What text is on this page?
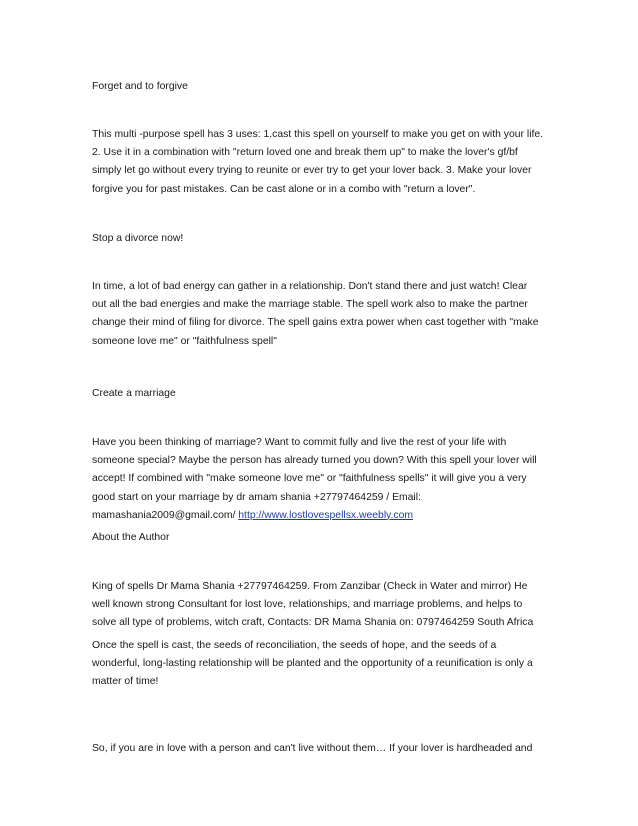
Forget and to forgive

This multi -purpose spell has 3 uses: 1.cast this spell on yourself to make you get on with your life. 2. Use it in a combination with "return loved one and break them up" to make the lover's gf/bf simply let go without every trying to reunite or ever try to get your lover back. 3. Make your lover forgive you for past mistakes. Can be cast alone or in a combo with "return a lover".

Stop a divorce now!

In time, a lot of bad energy can gather in a relationship. Don't stand there and just watch! Clear out all the bad energies and make the marriage stable. The spell work also to make the partner change their mind of filing for divorce. The spell gains extra power when cast together with "make someone love me" or "faithfulness spell"

Create a marriage

Have you been thinking of marriage? Want to commit fully and live the rest of your life with someone special? Maybe the person has already turned you down? With this spell your lover will accept! If combined with "make someone love me" or "faithfulness spells" it will give you a very good start on your marriage by dr amam shania +27797464259 / Email: mamashania2009@gmail.com/ http://www.lostlovespellsx.weebly.com

About the Author

King of spells Dr Mama Shania +27797464259. From Zanzibar (Check in Water and mirror) He well known strong Consultant for lost love, relationships, and marriage problems, and helps to solve all type of problems, witch craft, Contacts: DR Mama Shania on: 0797464259 South Africa

Once the spell is cast, the seeds of reconciliation, the seeds of hope, and the seeds of a wonderful, long-lasting relationship will be planted and the opportunity of a reunification is only a matter of time!

So, if you are in love with a person and can't live without them… If your lover is hardheaded and
